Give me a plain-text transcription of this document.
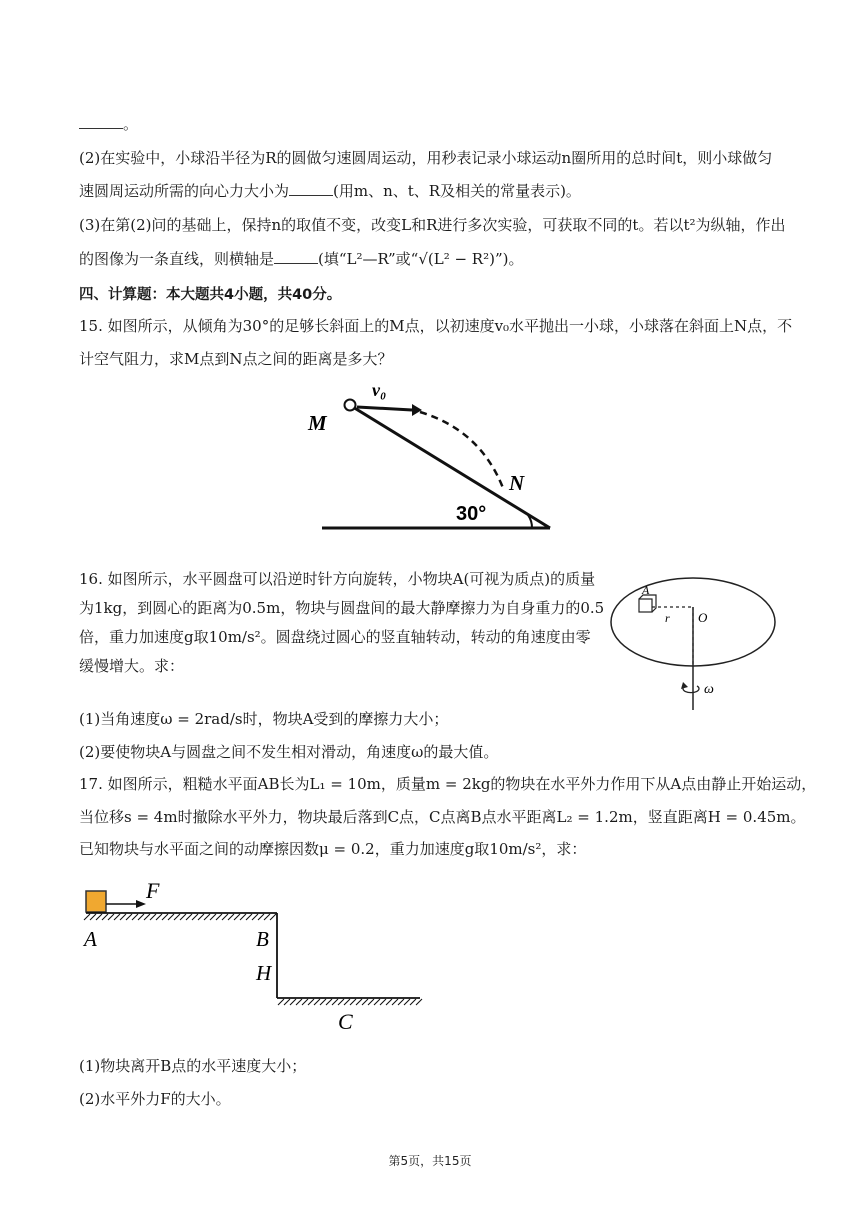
。
(2)在实验中，小球沿半径为R的圆做匀速圆周运动，用秒表记录小球运动n圈所用的总时间t，则小球做匀
速圆周运动所需的向心力大小为	(用m、n、t、R及相关的常量表示)。
(3)在第(2)问的基础上，保持n的取值不变，改变L和R进行多次实验，可获取不同的t。若以t²为纵轴，作出
的图像为一条直线，则横轴是	(填“L²—R”或“√(L² − R²)”)。
四、计算题：本大题共4小题，共40分。
15. 如图所示，从倾角为30°的足够长斜面上的M点，以初速度v₀水平抛出一小球，小球落在斜面上N点，不
计空气阻力，求M点到N点之间的距离是多大？
M
v₀
N
30°
16. 如图所示，水平圆盘可以沿逆时针方向旋转，小物块A(可视为质点)的质量
为1kg，到圆心的距离为0.5m，物块与圆盘间的最大静摩擦力为自身重力的0.5
倍，重力加速度g取10m/s²。圆盘绕过圆心的竖直轴转动，转动的角速度由零
缓慢增大。求：
A
r O
ω
(1)当角速度ω = 2rad/s时，物块A受到的摩擦力大小；
(2)要使物块A与圆盘之间不发生相对滑动，角速度ω的最大值。
17. 如图所示，粗糙水平面AB长为L₁ = 10m，质量m = 2kg的物块在水平外力作用下从A点由静止开始运动，
当位移s = 4m时撤除水平外力，物块最后落到C点，C点离B点水平距离L₂ = 1.2m，竖直距离H = 0.45m。
已知物块与水平面之间的动摩擦因数μ = 0.2，重力加速度g取10m/s²，求：
F
A	B
H
C
(1)物块离开B点的水平速度大小；
(2)水平外力F的大小。
第5页，共15页
